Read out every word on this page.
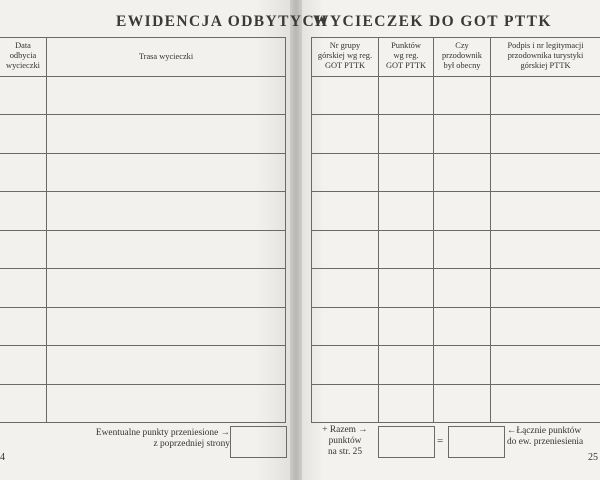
EWIDENCJA ODBYTYCH
WYCIECZEK DO GOT PTTK
Data
odbycia
wycieczki
Trasa wycieczki
Ewentualne punkty przeniesione →
z poprzedniej strony
4
Nr grupy
górskiej wg reg.
GOT PTTK
Punktów
wg reg.
GOT PTTK
Czy
przodownik
był obecny
Podpis i nr legitymacji
przodownika turystyki
górskiej PTTK
+ Razem →
punktów
na str. 25
=
←Łącznie punktów
do ew. przeniesienia
25
